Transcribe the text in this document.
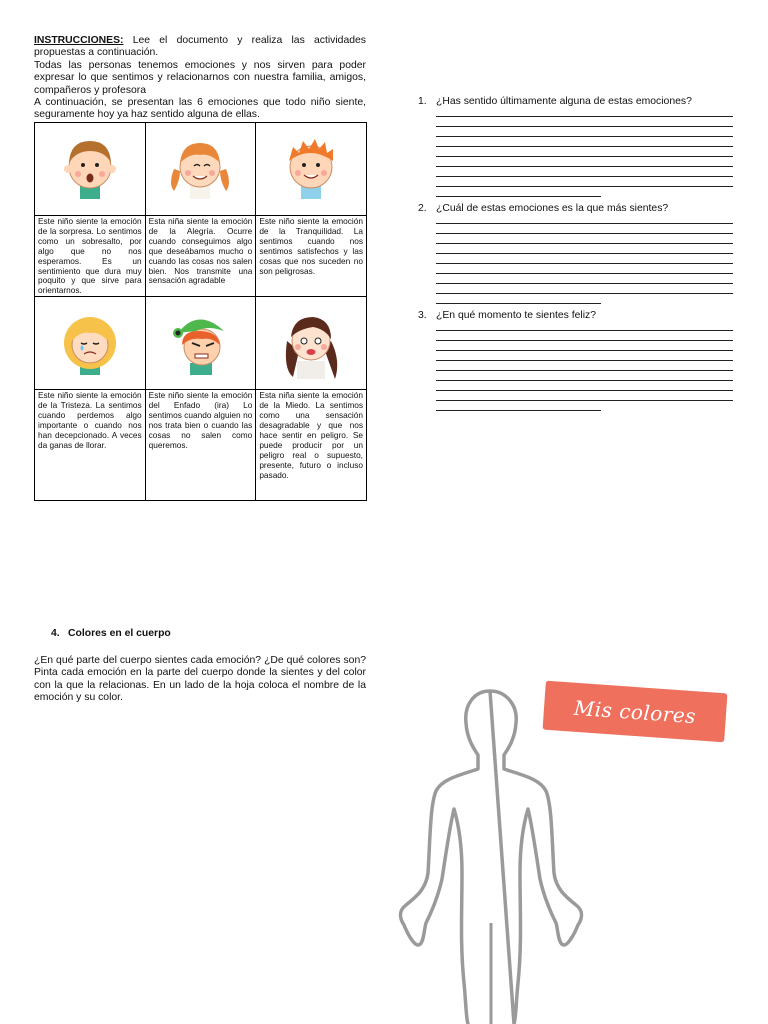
INSTRUCCIONES: Lee el documento y realiza las actividades propuestas a continuación.

Todas las personas tenemos emociones y nos sirven para poder expresar lo que sentimos y relacionarnos con nuestra familia, amigos, compañeros y profesora

A continuación, se presentan las 6 emociones que todo niño siente, seguramente hoy ya haz sentido alguna de ellas.

Este niño siente la emoción de la sorpresa. Lo sentimos como un sobresalto, por algo que no nos esperamos. Es un sentimiento que dura muy poquito y que sirve para orientarnos.	Esta niña siente la emoción de la Alegría. Ocurre cuando conseguimos algo que deseábamos mucho o cuando las cosas nos salen bien. Nos transmite una sensación agradable	Este niño siente la emoción de la Tranquilidad. La sentimos cuando nos sentimos satisfechos y las cosas que nos suceden no son peligrosas.

Este niño siente la emoción de la Tristeza. La sentimos cuando perdemos algo importante o cuando nos han decepcionado. A veces da ganas de llorar.	Este niño siente la emoción del Enfado (ira) Lo sentimos cuando alguien no nos trata bien o cuando las cosas no salen como queremos.	Esta niña siente la emoción de la Miedo. La sentimos como una sensación desagradable y que nos hace sentir en peligro. Se puede producir por un peligro real o supuesto, presente, futuro o incluso pasado.
1. ¿Has sentido últimamente alguna de estas emociones?
2. ¿Cuál de estas emociones es la que más sientes?
3. ¿En qué momento te sientes feliz?
4. Colores en el cuerpo

¿En qué parte del cuerpo sientes cada emoción? ¿De qué colores son? Pinta cada emoción en la parte del cuerpo donde la sientes y del color con la que la relacionas. En un lado de la hoja coloca el nombre de la emoción y su color.	Mis colores
